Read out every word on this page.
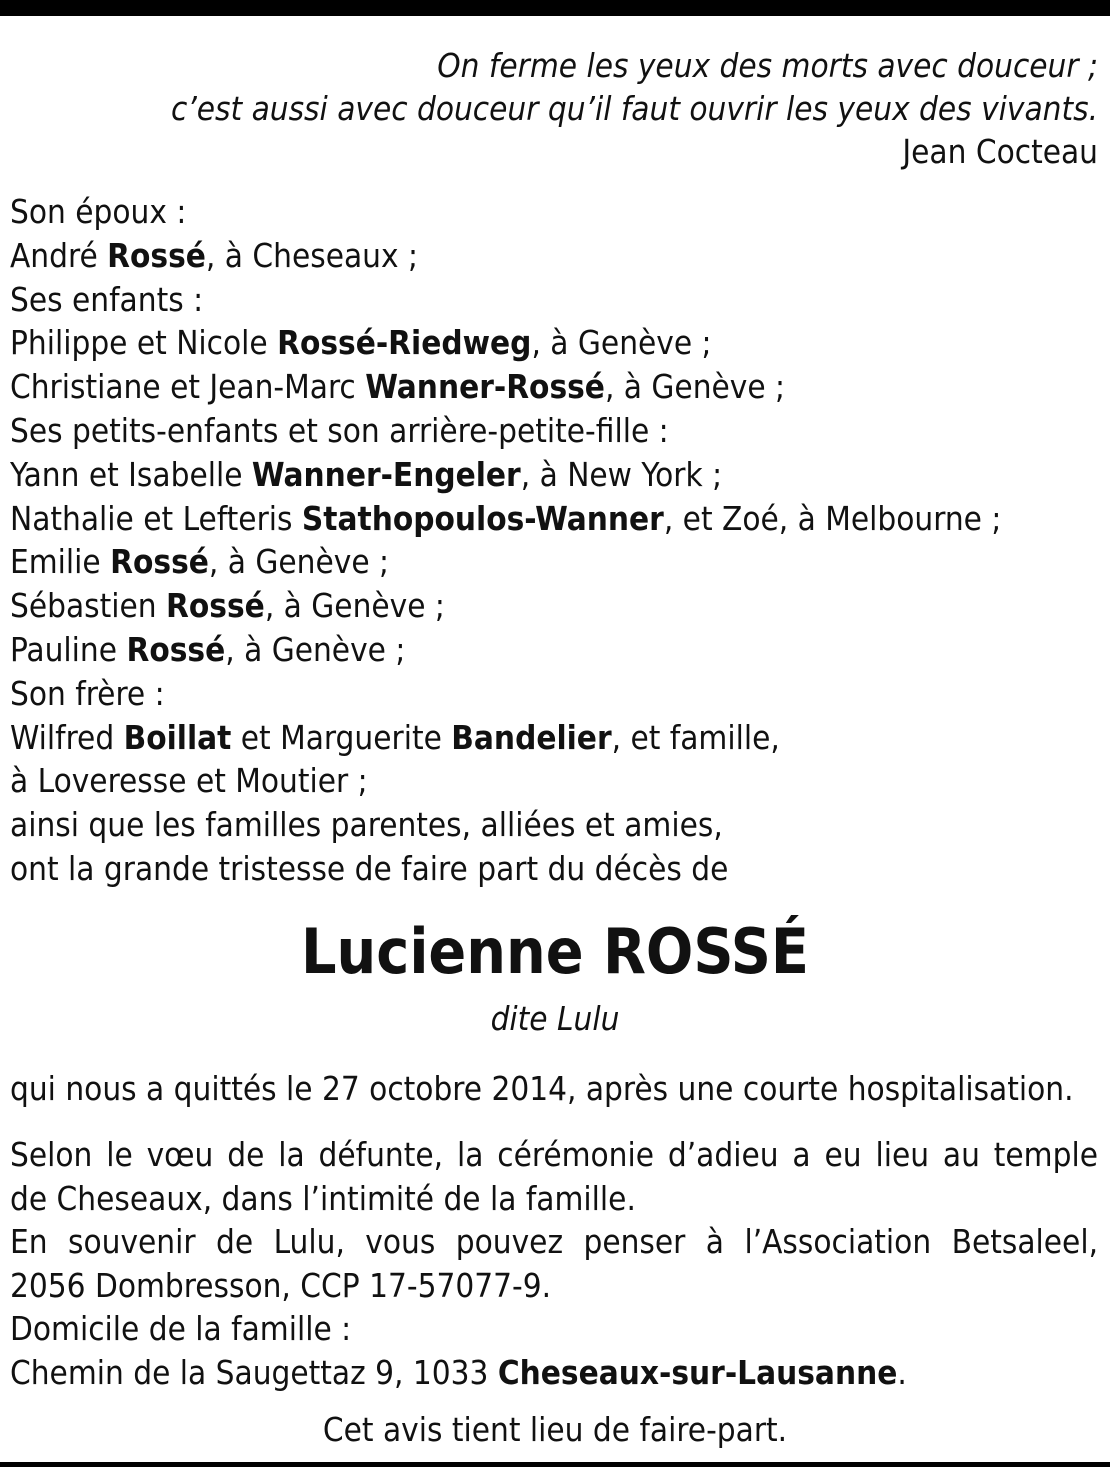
On ferme les yeux des morts avec douceur ;
c’est aussi avec douceur qu’il faut ouvrir les yeux des vivants.
Jean Cocteau
Son époux :
André Rossé, à Cheseaux ;
Ses enfants :
Philippe et Nicole Rossé-Riedweg, à Genève ;
Christiane et Jean-Marc Wanner-Rossé, à Genève ;
Ses petits-enfants et son arrière-petite-fille :
Yann et Isabelle Wanner-Engeler, à New York ;
Nathalie et Lefteris Stathopoulos-Wanner, et Zoé, à Melbourne ;
Emilie Rossé, à Genève ;
Sébastien Rossé, à Genève ;
Pauline Rossé, à Genève ;
Son frère :
Wilfred Boillat et Marguerite Bandelier, et famille,
à Loveresse et Moutier ;
ainsi que les familles parentes, alliées et amies,
ont la grande tristesse de faire part du décès de
Lucienne ROSSÉ
dite Lulu
qui nous a quittés le 27 octobre 2014, après une courte hospitalisation.
Selon le vœu de la défunte, la cérémonie d’adieu a eu lieu au temple
de Cheseaux, dans l’intimité de la famille.
En souvenir de Lulu, vous pouvez penser à l’Association Betsaleel,
2056 Dombresson, CCP 17-57077-9.
Domicile de la famille :
Chemin de la Saugettaz 9, 1033 Cheseaux-sur-Lausanne.
Cet avis tient lieu de faire-part.
